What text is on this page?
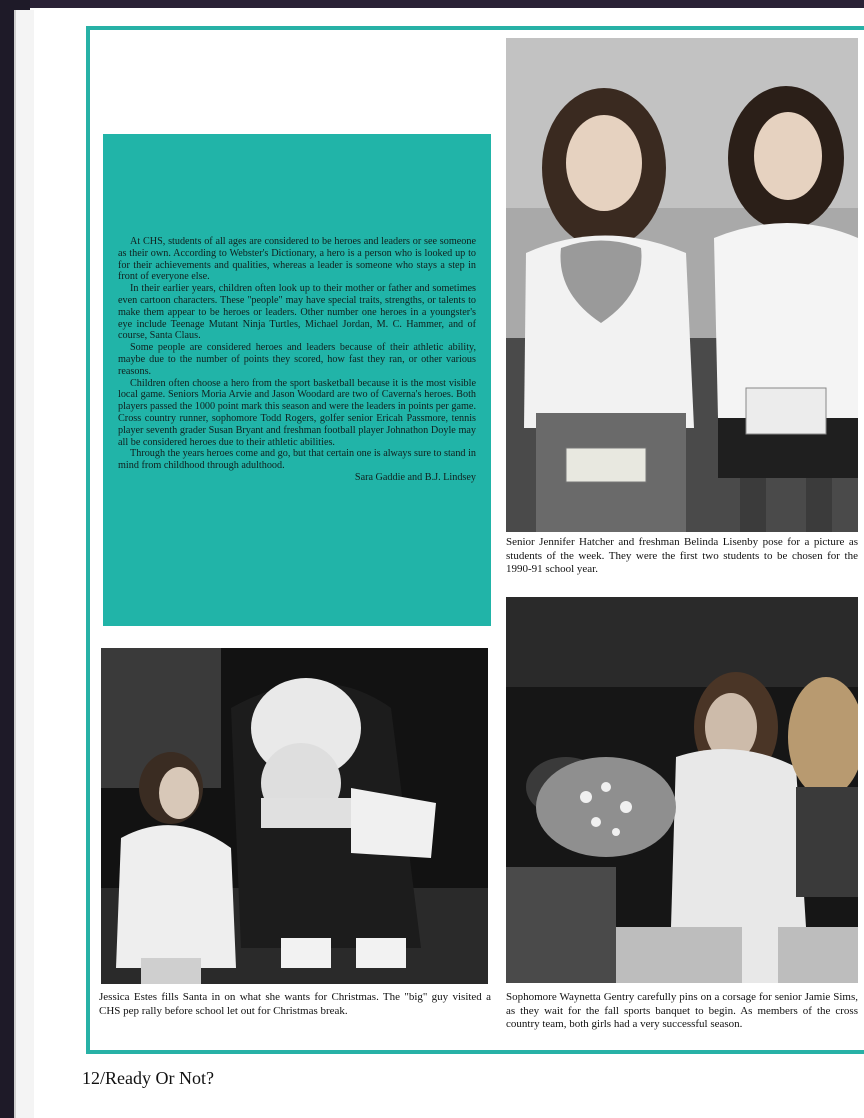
At CHS, students of all ages are considered to be heroes and leaders or see someone as their own. According to Webster's Dictionary, a hero is a person who is looked up to for their achievements and qualities, whereas a leader is someone who stays a step in front of everyone else.

In their earlier years, children often look up to their mother or father and sometimes even cartoon characters. These "people" may have special traits, strengths, or talents to make them appear to be heroes or leaders. Other number one heroes in a youngster's eye include Teenage Mutant Ninja Turtles, Michael Jordan, M. C. Hammer, and of course, Santa Claus.

Some people are considered heroes and leaders because of their athletic ability, maybe due to the number of points they scored, how fast they ran, or other various reasons.

Children often choose a hero from the sport basketball because it is the most visible local game. Seniors Moria Arvie and Jason Woodard are two of Caverna's heroes. Both players passed the 1000 point mark this season and were the leaders in points per game. Cross country runner, sophomore Todd Rogers, golfer senior Ericah Passmore, tennis player seventh grader Susan Bryant and freshman football player Johnathon Doyle may all be considered heroes due to their athletic abilities.

Through the years heroes come and go, but that certain one is always sure to stand in mind from childhood through adulthood.

Sara Gaddie and B.J. Lindsey
Senior Jennifer Hatcher and freshman Belinda Lisenby pose for a picture as students of the week. They were the first two students to be chosen for the 1990-91 school year.
Sophomore Waynetta Gentry carefully pins on a corsage for senior Jamie Sims, as they wait for the fall sports banquet to begin. As members of the cross country team, both girls had a very successful season.
Jessica Estes fills Santa in on what she wants for Christmas. The "big" guy visited a CHS pep rally before school let out for Christmas break.
12/Ready Or Not?
